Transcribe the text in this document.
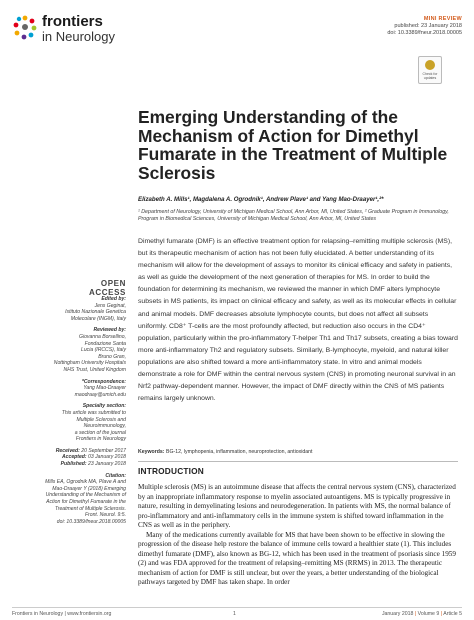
frontiers
in Neurology
MINI REVIEW
published: 23 January 2018
doi: 10.3389/fneur.2018.00005
Check for updates
Emerging Understanding of the Mechanism of Action for Dimethyl Fumarate in the Treatment of Multiple Sclerosis
Elizabeth A. Mills¹, Magdalena A. Ogrodnik¹, Andrew Plave¹ and Yang Mao-Draayer¹,²*
¹ Department of Neurology, University of Michigan Medical School, Ann Arbor, MI, United States, ² Graduate Program in Immunology, Program in Biomedical Sciences, University of Michigan Medical School, Ann Arbor, MI, United States
Dimethyl fumarate (DMF) is an effective treatment option for relapsing–remitting multiple sclerosis (MS), but its therapeutic mechanism of action has not been fully elucidated. A better understanding of its mechanism will allow for the development of assays to monitor its clinical efficacy and safety in patients, as well as guide the development of the next generation of therapies for MS. In order to build the foundation for determining its mechanism, we reviewed the manner in which DMF alters lymphocyte subsets in MS patients, its impact on clinical efficacy and safety, as well as its molecular effects in cellular and animal models. DMF decreases absolute lymphocyte counts, but does not affect all subsets uniformly. CD8⁺ T-cells are the most profoundly affected, but reduction also occurs in the CD4⁺ population, particularly within the pro-inflammatory T-helper Th1 and Th17 subsets, creating a bias toward more anti-inflammatory Th2 and regulatory subsets. Similarly, B-lymphocyte, myeloid, and natural killer populations are also shifted toward a more anti-inflammatory state. In vitro and animal models demonstrate a role for DMF within the central nervous system (CNS) in promoting neuronal survival in an Nrf2 pathway-dependent manner. However, the impact of DMF directly within the CNS of MS patients remains largely unknown.
Keywords: BG-12, lymphopenia, inflammation, neuroprotection, antioxidant
OPEN ACCESS
Edited by:
Jens Geginat,
Istituto Nazionale Genetica
Molecolare (INGM), Italy
Reviewed by:
Giovanna Borsellino,
Fondazione Santa
Lucia (IRCCS), Italy
Bruno Gran,
Nottingham University Hospitals
NHS Trust, United Kingdom
*Correspondence:
Yang Mao-Draayer
maodraay@umich.edu
Specialty section:
This article was submitted to
Multiple Sclerosis and
Neuroimmunology,
a section of the journal
Frontiers in Neurology
Received: 20 September 2017
Accepted: 03 January 2018
Published: 23 January 2018
Citation:
Mills EA, Ogrodnik MA, Plave A and
Mao-Draayer Y (2018) Emerging
Understanding of the Mechanism of
Action for Dimethyl Fumarate in the
Treatment of Multiple Sclerosis.
Front. Neurol. 9:5.
doi: 10.3389/fneur.2018.00005
INTRODUCTION

Multiple sclerosis (MS) is an autoimmune disease that affects the central nervous system (CNS), characterized by an inappropriate inflammatory response to myelin associated autoantigens. MS is typically progressive in nature, resulting in demyelinating lesions and neurodegeneration. In patients with MS, the normal balance of pro-inflammatory and anti-inflammatory cells in the immune system is shifted toward inflammation in the CNS as well as in the periphery.

Many of the medications currently available for MS that have been shown to be effective in slowing the progression of the disease help restore the balance of immune cells toward a healthier state (1). This includes dimethyl fumarate (DMF), also known as BG-12, which has been used in the treatment of psoriasis since 1959 (2) and was FDA approved for the treatment of relapsing–remitting MS (RRMS) in 2013. The therapeutic mechanism of action for DMF is still unclear, but over the years, a better understanding of the biological pathways targeted by DMF has taken shape. In order

Frontiers in Neurology | www.frontiersin.org	1	January 2018 | Volume 9 | Article 5
